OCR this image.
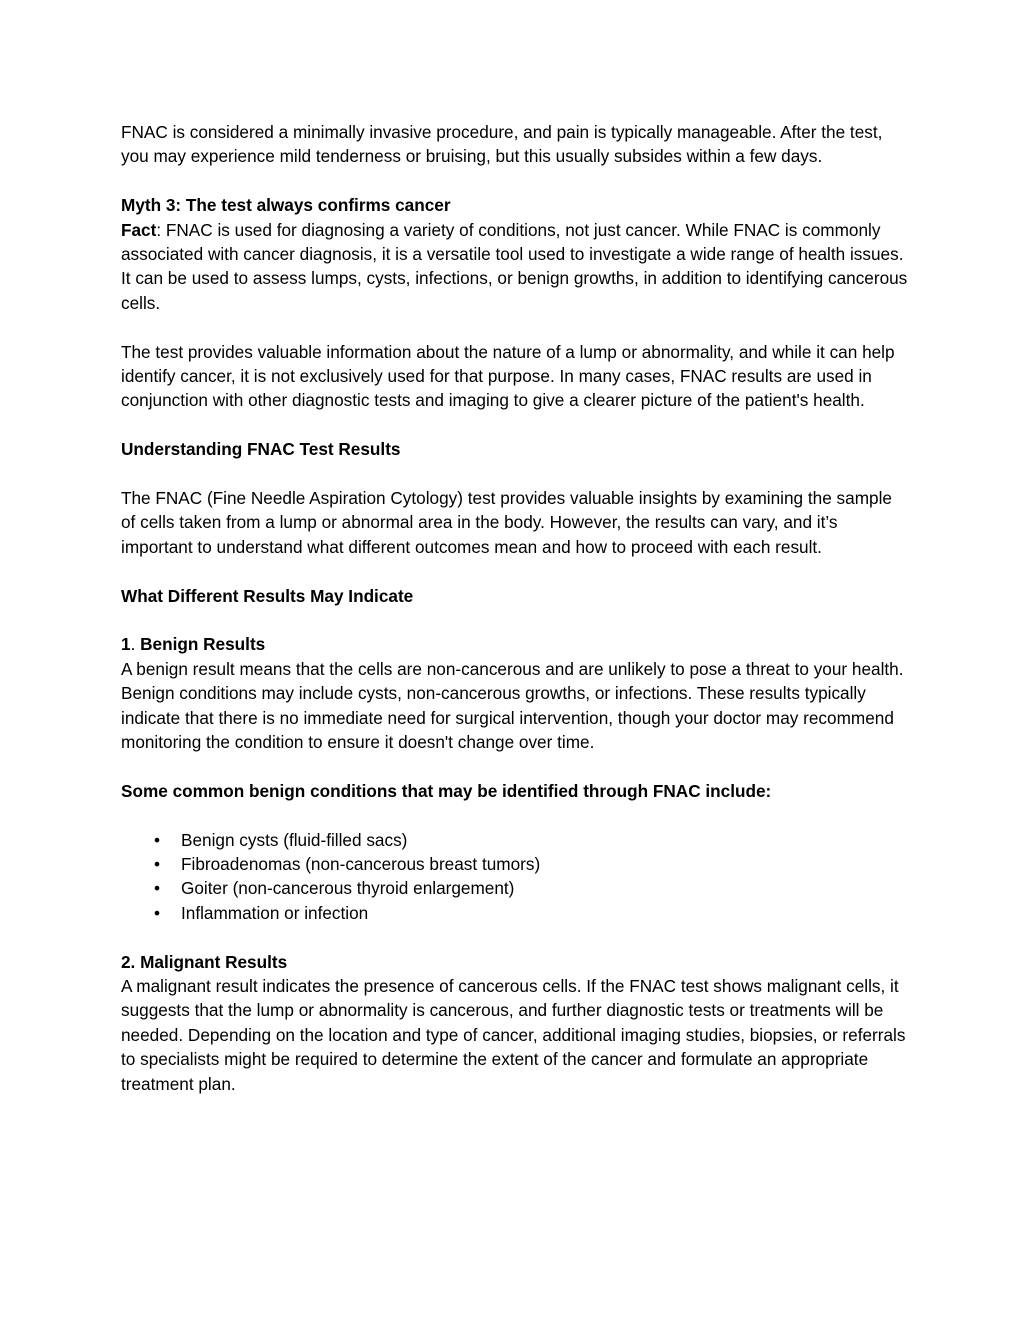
FNAC is considered a minimally invasive procedure, and pain is typically manageable. After the test, you may experience mild tenderness or bruising, but this usually subsides within a few days.

Myth 3: The test always confirms cancer
Fact: FNAC is used for diagnosing a variety of conditions, not just cancer. While FNAC is commonly associated with cancer diagnosis, it is a versatile tool used to investigate a wide range of health issues. It can be used to assess lumps, cysts, infections, or benign growths, in addition to identifying cancerous cells.

The test provides valuable information about the nature of a lump or abnormality, and while it can help identify cancer, it is not exclusively used for that purpose. In many cases, FNAC results are used in conjunction with other diagnostic tests and imaging to give a clearer picture of the patient's health.

Understanding FNAC Test Results

The FNAC (Fine Needle Aspiration Cytology) test provides valuable insights by examining the sample of cells taken from a lump or abnormal area in the body. However, the results can vary, and it’s important to understand what different outcomes mean and how to proceed with each result.

What Different Results May Indicate

1. Benign Results
A benign result means that the cells are non-cancerous and are unlikely to pose a threat to your health. Benign conditions may include cysts, non-cancerous growths, or infections. These results typically indicate that there is no immediate need for surgical intervention, though your doctor may recommend monitoring the condition to ensure it doesn't change over time.

Some common benign conditions that may be identified through FNAC include:

• Benign cysts (fluid-filled sacs)
• Fibroadenomas (non-cancerous breast tumors)
• Goiter (non-cancerous thyroid enlargement)
• Inflammation or infection

2. Malignant Results
A malignant result indicates the presence of cancerous cells. If the FNAC test shows malignant cells, it suggests that the lump or abnormality is cancerous, and further diagnostic tests or treatments will be needed. Depending on the location and type of cancer, additional imaging studies, biopsies, or referrals to specialists might be required to determine the extent of the cancer and formulate an appropriate treatment plan.
